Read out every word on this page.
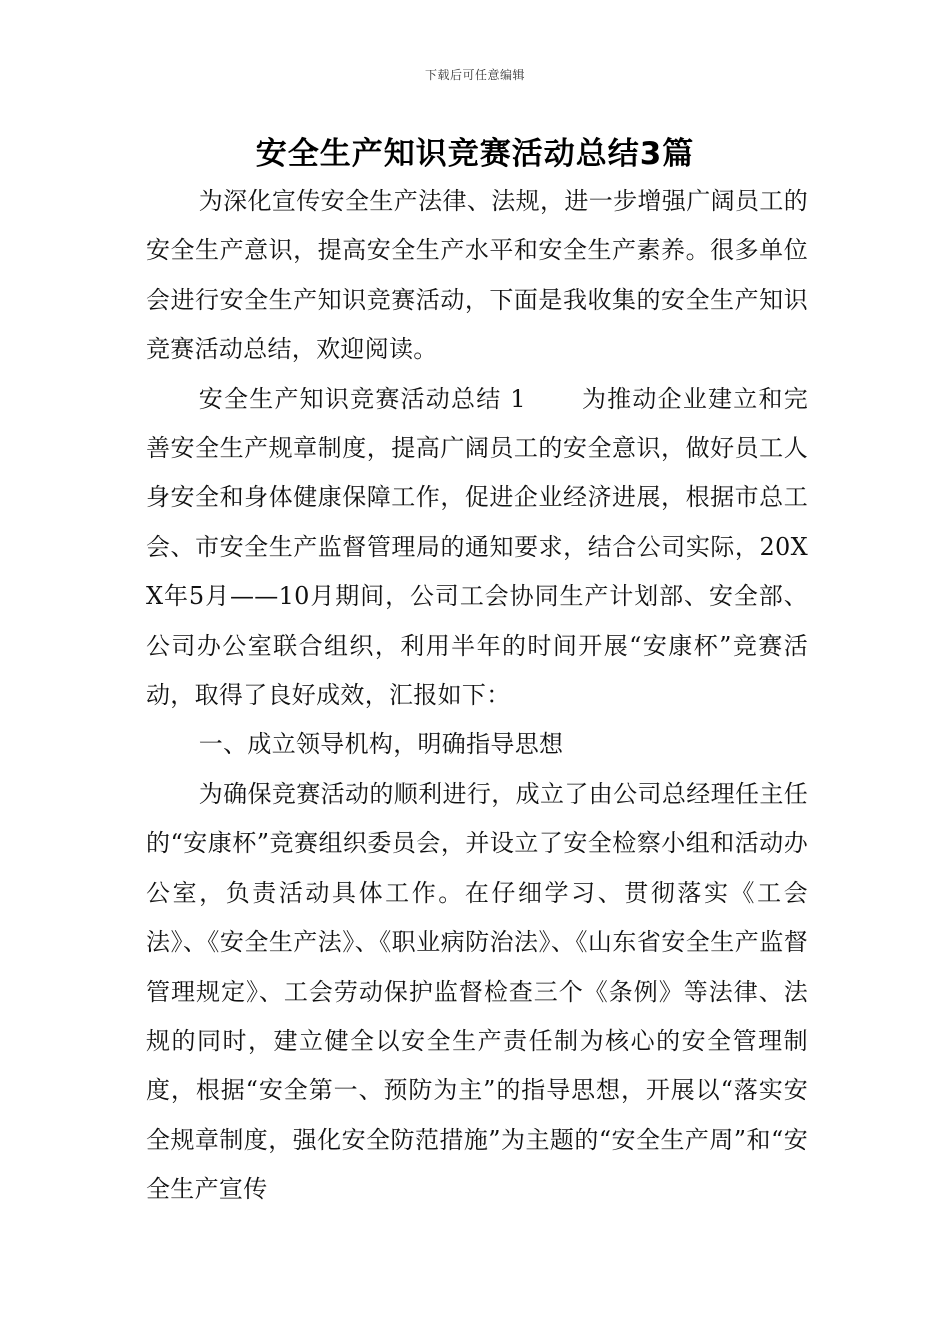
下载后可任意编辑
安全生产知识竞赛活动总结3篇

为深化宣传安全生产法律、法规，进一步增强广阔员工的安全生产意识，提高安全生产水平和安全生产素养。很多单位会进行安全生产知识竞赛活动，下面是我收集的安全生产知识竞赛活动总结，欢迎阅读。

安全生产知识竞赛活动总结 1 为推动企业建立和完善安全生产规章制度，提高广阔员工的安全意识，做好员工人身安全和身体健康保障工作，促进企业经济进展，根据市总工会、市安全生产监督管理局的通知要求，结合公司实际，20XX年5月——10月期间，公司工会协同生产计划部、安全部、公司办公室联合组织，利用半年的时间开展“安康杯”竞赛活动，取得了良好成效，汇报如下：

一、成立领导机构，明确指导思想

为确保竞赛活动的顺利进行，成立了由公司总经理任主任的“安康杯”竞赛组织委员会，并设立了安全检察小组和活动办公室，负责活动具体工作。在仔细学习、贯彻落实《工会法》、《安全生产法》、《职业病防治法》、《山东省安全生产监督管理规定》、工会劳动保护监督检查三个《条例》等法律、法规的同时，建立健全以安全生产责任制为核心的安全管理制度，根据“安全第一、预防为主”的指导思想，开展以“落实安全规章制度，强化安全防范措施”为主题的“安全生产周”和“安全生产宣传
